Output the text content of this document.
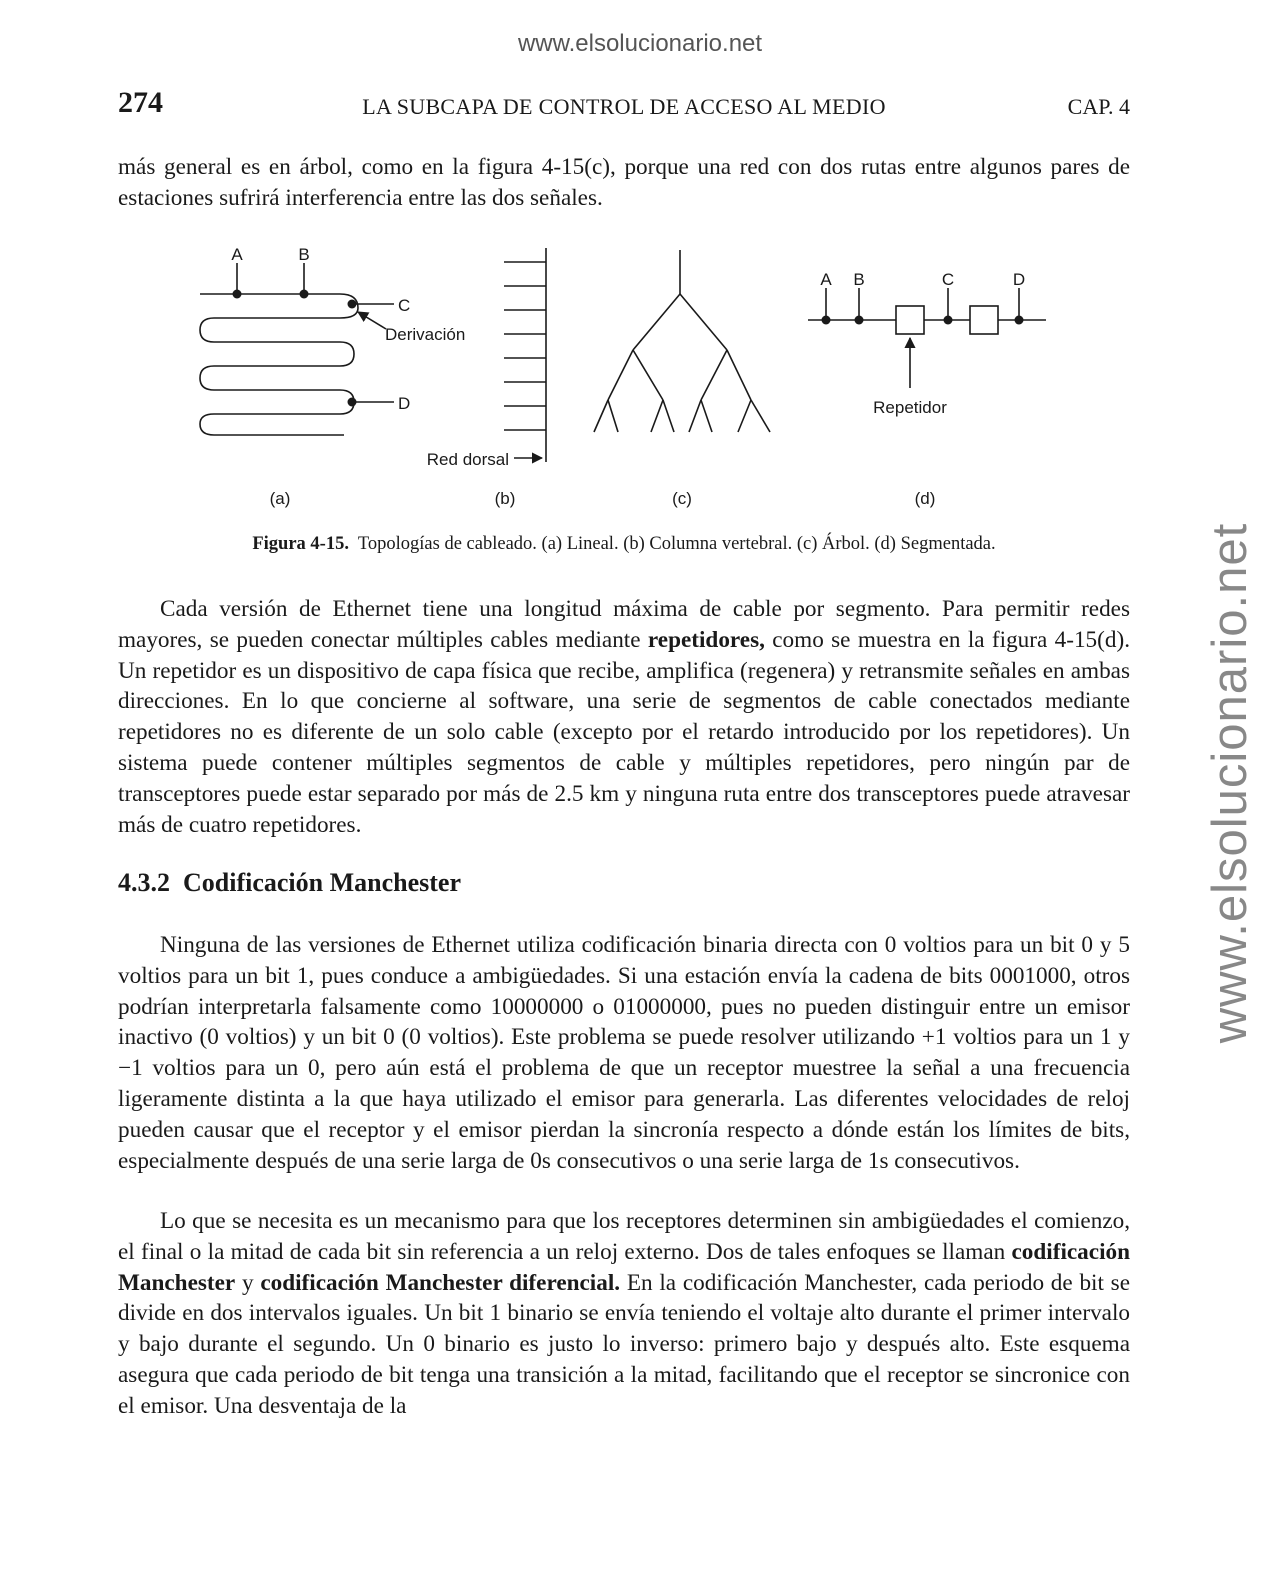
www.elsolucionario.net
www.elsolucionario.net
274	LA SUBCAPA DE CONTROL DE ACCESO AL MEDIO	CAP. 4

más general es en árbol, como en la figura 4-15(c), porque una red con dos rutas entre algunos pares de estaciones sufrirá interferencia entre las dos señales.

A	B
C
D
Derivación
(a)
Red dorsal
(b)	(c)
A B	C	D
Repetidor
(d)
Figura 4-15. Topologías de cableado. (a) Lineal. (b) Columna vertebral. (c) Árbol. (d) Segmentada.

Cada versión de Ethernet tiene una longitud máxima de cable por segmento. Para permitir redes mayores, se pueden conectar múltiples cables mediante repetidores, como se muestra en la figura 4-15(d). Un repetidor es un dispositivo de capa física que recibe, amplifica (regenera) y retransmite señales en ambas direcciones. En lo que concierne al software, una serie de segmentos de cable conectados mediante repetidores no es diferente de un solo cable (excepto por el retardo introducido por los repetidores). Un sistema puede contener múltiples segmentos de cable y múltiples repetidores, pero ningún par de transceptores puede estar separado por más de 2.5 km y ninguna ruta entre dos transceptores puede atravesar más de cuatro repetidores.

4.3.2 Codificación Manchester

Ninguna de las versiones de Ethernet utiliza codificación binaria directa con 0 voltios para un bit 0 y 5 voltios para un bit 1, pues conduce a ambigüedades. Si una estación envía la cadena de bits 0001000, otros podrían interpretarla falsamente como 10000000 o 01000000, pues no pueden distinguir entre un emisor inactivo (0 voltios) y un bit 0 (0 voltios). Este problema se puede resolver utilizando +1 voltios para un 1 y −1 voltios para un 0, pero aún está el problema de que un receptor muestree la señal a una frecuencia ligeramente distinta a la que haya utilizado el emisor para generarla. Las diferentes velocidades de reloj pueden causar que el receptor y el emisor pierdan la sincronía respecto a dónde están los límites de bits, especialmente después de una serie larga de 0s consecutivos o una serie larga de 1s consecutivos.

Lo que se necesita es un mecanismo para que los receptores determinen sin ambigüedades el comienzo, el final o la mitad de cada bit sin referencia a un reloj externo. Dos de tales enfoques se llaman codificación Manchester y codificación Manchester diferencial. En la codificación Manchester, cada periodo de bit se divide en dos intervalos iguales. Un bit 1 binario se envía teniendo el voltaje alto durante el primer intervalo y bajo durante el segundo. Un 0 binario es justo lo inverso: primero bajo y después alto. Este esquema asegura que cada periodo de bit tenga una transición a la mitad, facilitando que el receptor se sincronice con el emisor. Una desventaja de la
